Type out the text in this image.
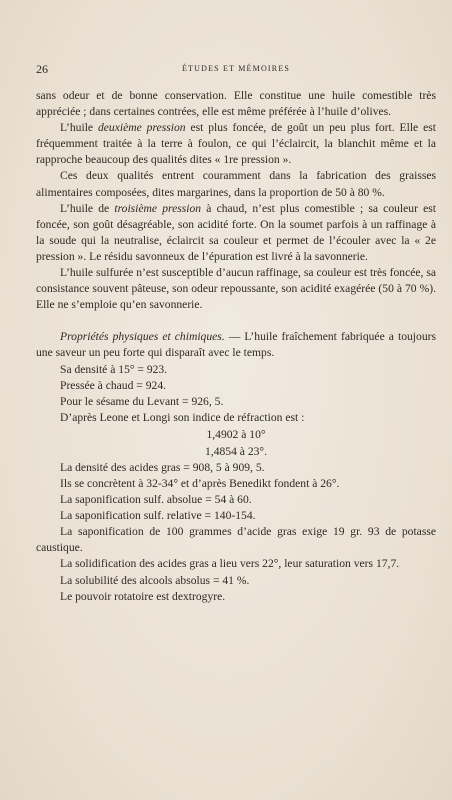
26	ÉTUDES ET MÉMOIRES

sans odeur et de bonne conservation. Elle constitue une huile comestible très appréciée ; dans certaines contrées, elle est même préférée à l’huile d’olives.

L’huile deuxième pression est plus foncée, de goût un peu plus fort. Elle est fréquemment traitée à la terre à foulon, ce qui l’éclaircit, la blanchit même et la rapproche beaucoup des qualités dites « 1re pression ».

Ces deux qualités entrent couramment dans la fabrication des graisses alimentaires composées, dites margarines, dans la proportion de 50 à 80 %.

L’huile de troisième pression à chaud, n’est plus comestible ; sa couleur est foncée, son goût désagréable, son acidité forte. On la soumet parfois à un raffinage à la soude qui la neutralise, éclaircit sa couleur et permet de l’écouler avec la « 2e pression ». Le résidu savonneux de l’épuration est livré à la savonnerie.

L’huile sulfurée n’est susceptible d’aucun raffinage, sa couleur est très foncée, sa consistance souvent pâteuse, son odeur repoussante, son acidité exagérée (50 à 70 %). Elle ne s’emploie qu’en savonnerie.

Propriétés physiques et chimiques. — L’huile fraîchement fabriquée a toujours une saveur un peu forte qui disparaît avec le temps.

Sa densité à 15° = 923.

Pressée à chaud = 924.

Pour le sésame du Levant = 926, 5.

D’après Leone et Longi son indice de réfraction est :

1,4902 à 10°
1,4854 à 23°.

La densité des acides gras = 908, 5 à 909, 5.

Ils se concrètent à 32-34° et d’après Benedikt fondent à 26°.

La saponification sulf. absolue = 54 à 60.

La saponification sulf. relative = 140-154.

La saponification de 100 grammes d’acide gras exige 19 gr. 93 de potasse caustique.

La solidification des acides gras a lieu vers 22°, leur saturation vers 17,7.

La solubilité des alcools absolus = 41 %.

Le pouvoir rotatoire est dextrogyre.
